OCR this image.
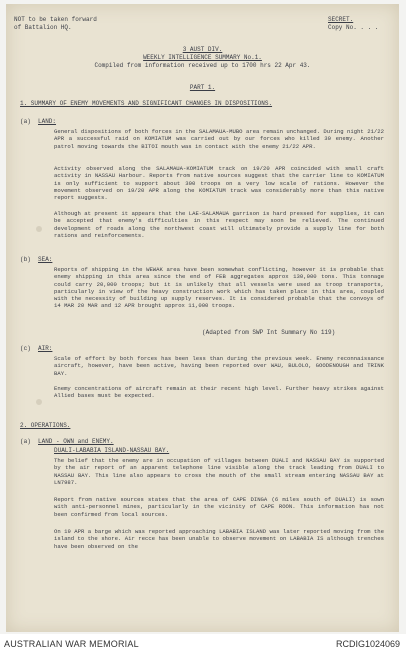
NOT to be taken forward
of Battalion HQ.
SECRET.
Copy No. . . .
3 AUST DIV.
WEEKLY INTELLIGENCE SUMMARY No.1.
Compiled from information received up to 1700 hrs 22 Apr 43.
PART 1.
1. SUMMARY OF ENEMY MOVEMENTS AND SIGNIFICANT CHANGES IN DISPOSITIONS.
(a) LAND:
General dispositions of both forces in the SALAMAUA-MUBO area remain unchanged. During night 21/22 APR a successful raid on KOMIATUM was carried out by our forces who killed 30 enemy. Another patrol moving towards the BITOI mouth was in contact with the enemy 21/22 APR.
Activity observed along the SALAMAUA-KOMIATUM track on 19/20 APR coincided with small craft activity in NASSAU Harbour. Reports from native sources suggest that the carrier line to KOMIATUM is only sufficient to support about 300 troops on a very low scale of rations. However the movement observed on 19/20 APR along the KOMIATUM track was considerably more than this native report suggests.
Although at present it appears that the LAE-SALAMAUA garrison is hard pressed for supplies, it can be accepted that enemy's difficulties in this respect may soon be relieved. The continued development of roads along the northwest coast will ultimately provide a supply line for both rations and reinforcements.
(b) SEA:
Reports of shipping in the WEWAK area have been somewhat conflicting, however it is probable that enemy shipping in this area since the end of FEB aggregates approx 130,000 tons. This tonnage could carry 20,000 troops; but it is unlikely that all vessels were used as troop transports, particularly in view of the heavy construction work which has taken place in this area, coupled with the necessity of building up supply reserves. It is considered probable that the convoys of 14 MAR 20 MAR and 12 APR brought approx 11,000 troops.
(Adapted from SWP Int Summary No 119)
(c) AIR:
Scale of effort by both forces has been less than during the previous week. Enemy reconnaissance aircraft, however, have been active, having been reported over WAU, BULOLO, GOODENOUGH and TRINK BAY.
Enemy concentrations of aircraft remain at their recent high level. Further heavy strikes against Allied bases must be expected.
2. OPERATIONS.
(a) LAND - OWN and ENEMY.
DUALI-LABABIA ISLAND-NASSAU BAY.
The belief that the enemy are in occupation of villages between DUALI and NASSAU BAY is supported by the air report of an apparent telephone line visible along the track leading from DUALI to NASSAU BAY. This line also appears to cross the mouth of the small stream entering NASSAU BAY at LN7987.
Report from native sources states that the area of CAPE DINGA (6 miles south of DUALI) is sown with anti-personnel mines, particularly in the vicinity of CAPE ROON. This information has not been confirmed from local sources.
On 19 APR a barge which was reported approaching LABABIA ISLAND was later reported moving from the island to the shore. Air recce has been unable to observe movement on LABABIA IS although trenches have been observed on the
AUSTRALIAN WAR MEMORIAL	RCDIG1024069
